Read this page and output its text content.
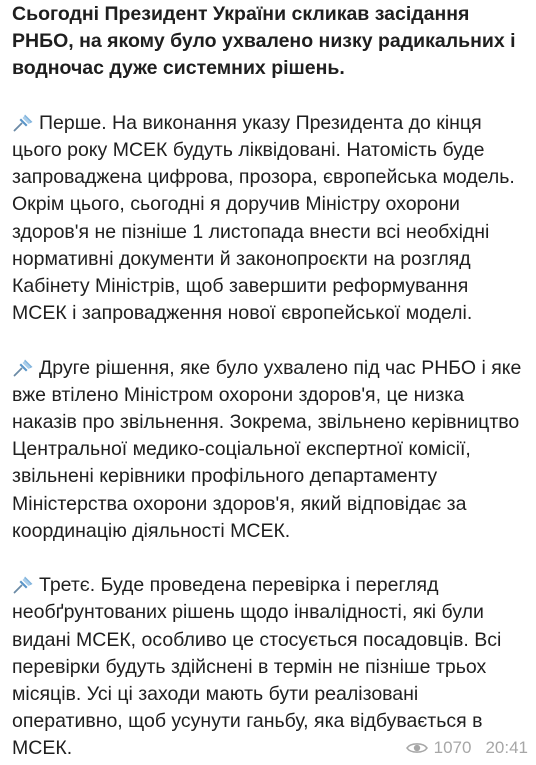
Сьогодні Президент України скликав засідання РНБО, на якому було ухвалено низку радикальних і водночас дуже системних рішень.

Перше. На виконання указу Президента до кінця цього року МСЕК будуть ліквідовані. Натомість буде запроваджена цифрова, прозора, європейська модель. Окрім цього, сьогодні я доручив Міністру охорони здоров'я не пізніше 1 листопада внести всі необхідні нормативні документи й законопроєкти на розгляд Кабінету Міністрів, щоб завершити реформування МСЕК і запровадження нової європейської моделі.

Друге рішення, яке було ухвалено під час РНБО і яке вже втілено Міністром охорони здоров'я, це низка наказів про звільнення. Зокрема, звільнено керівництво Центральної медико-соціальної експертної комісії, звільнені керівники профільного департаменту Міністерства охорони здоров'я, який відповідає за координацію діяльності МСЕК.

Третє. Буде проведена перевірка і перегляд необґрунтованих рішень щодо інвалідності, які були видані МСЕК, особливо це стосується посадовців. Всі перевірки будуть здійснені в термін не пізніше трьох місяців. Усі ці заходи мають бути реалізовані оперативно, щоб усунути ганьбу, яка відбувається в МСЕК.	1070 20:41
